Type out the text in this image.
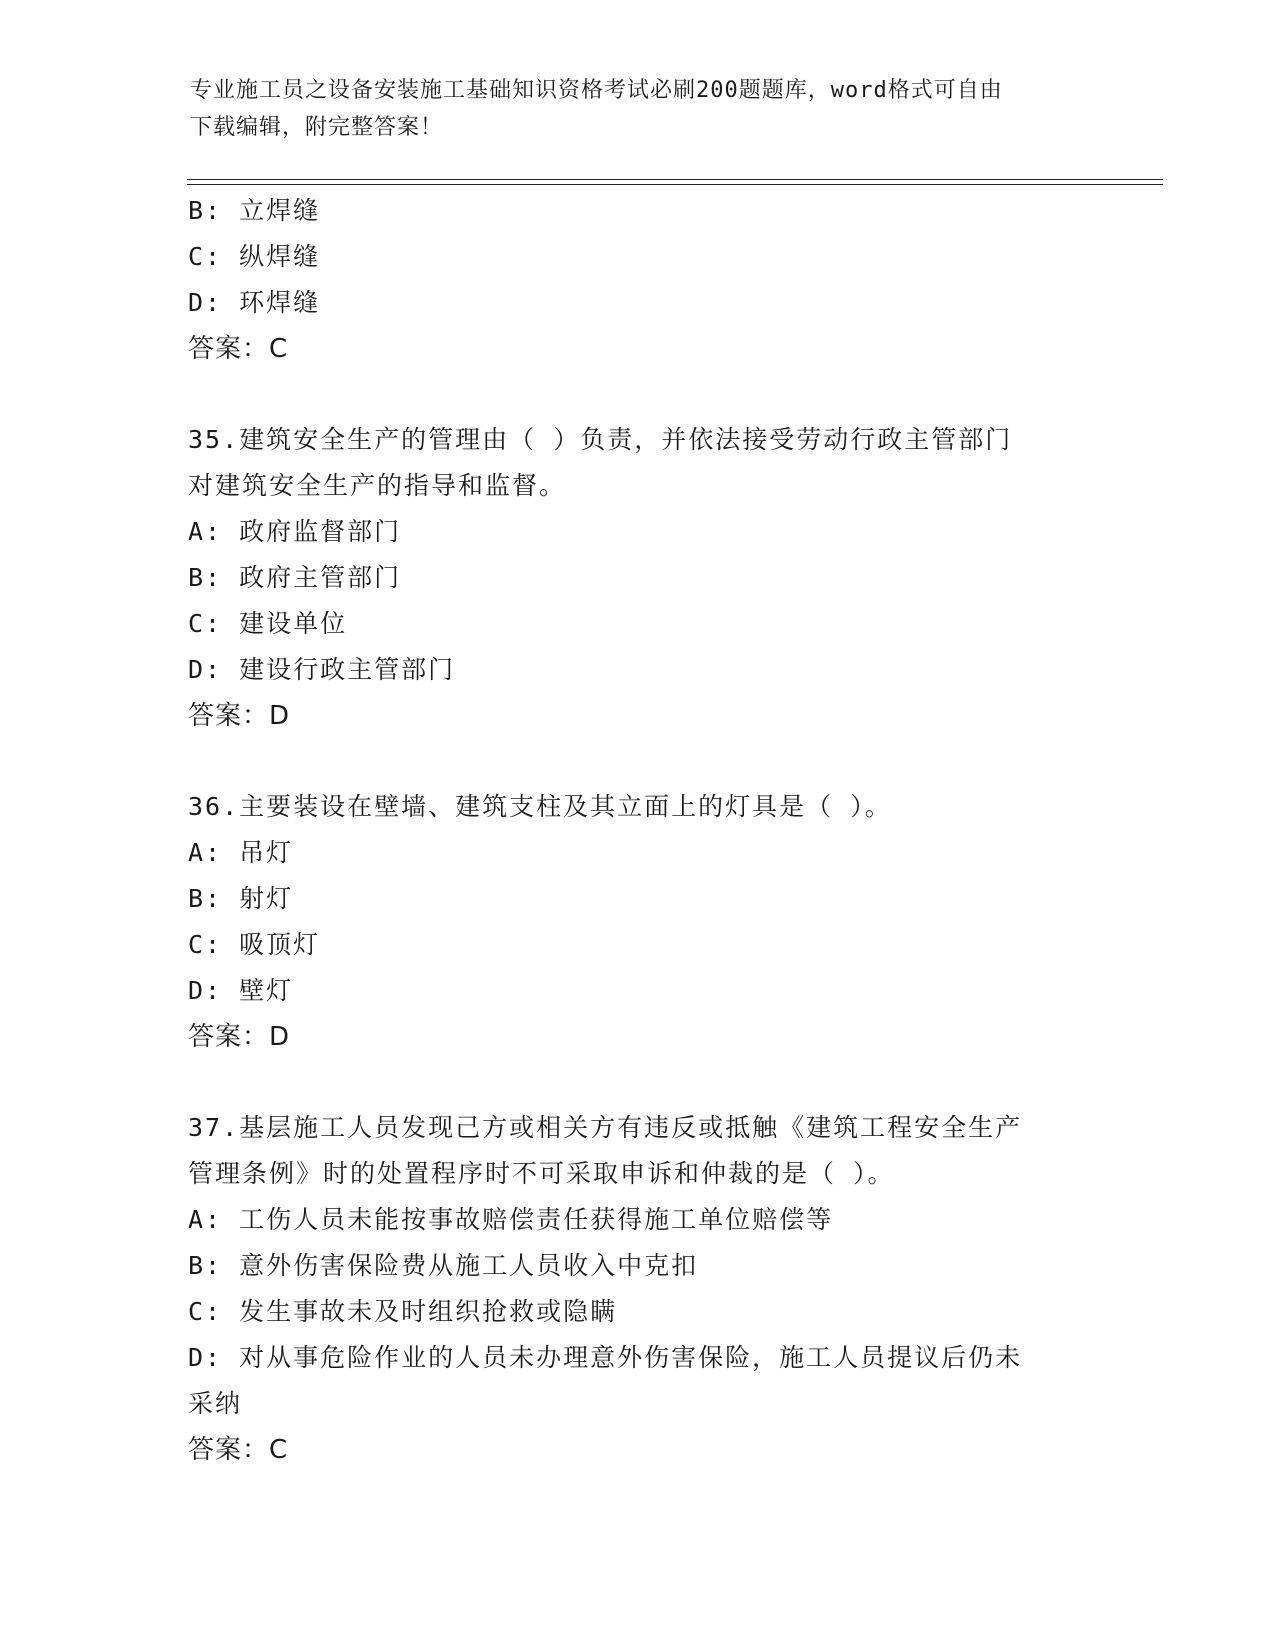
专业施工员之设备安装施工基础知识资格考试必刷200题题库，word格式可自由
下载编辑，附完整答案！
B: 立焊缝
C: 纵焊缝
D: 环焊缝
答案：C
35.建筑安全生产的管理由（ ）负责，并依法接受劳动行政主管部门
对建筑安全生产的指导和监督。
A: 政府监督部门
B: 政府主管部门
C: 建设单位
D: 建设行政主管部门
答案：D
36.主要装设在壁墙、建筑支柱及其立面上的灯具是（ ）。
A: 吊灯
B: 射灯
C: 吸顶灯
D: 壁灯
答案：D
37.基层施工人员发现己方或相关方有违反或抵触《建筑工程安全生产
管理条例》时的处置程序时不可采取申诉和仲裁的是（ ）。
A: 工伤人员未能按事故赔偿责任获得施工单位赔偿等
B: 意外伤害保险费从施工人员收入中克扣
C: 发生事故未及时组织抢救或隐瞒
D: 对从事危险作业的人员未办理意外伤害保险，施工人员提议后仍未
采纳
答案：C
